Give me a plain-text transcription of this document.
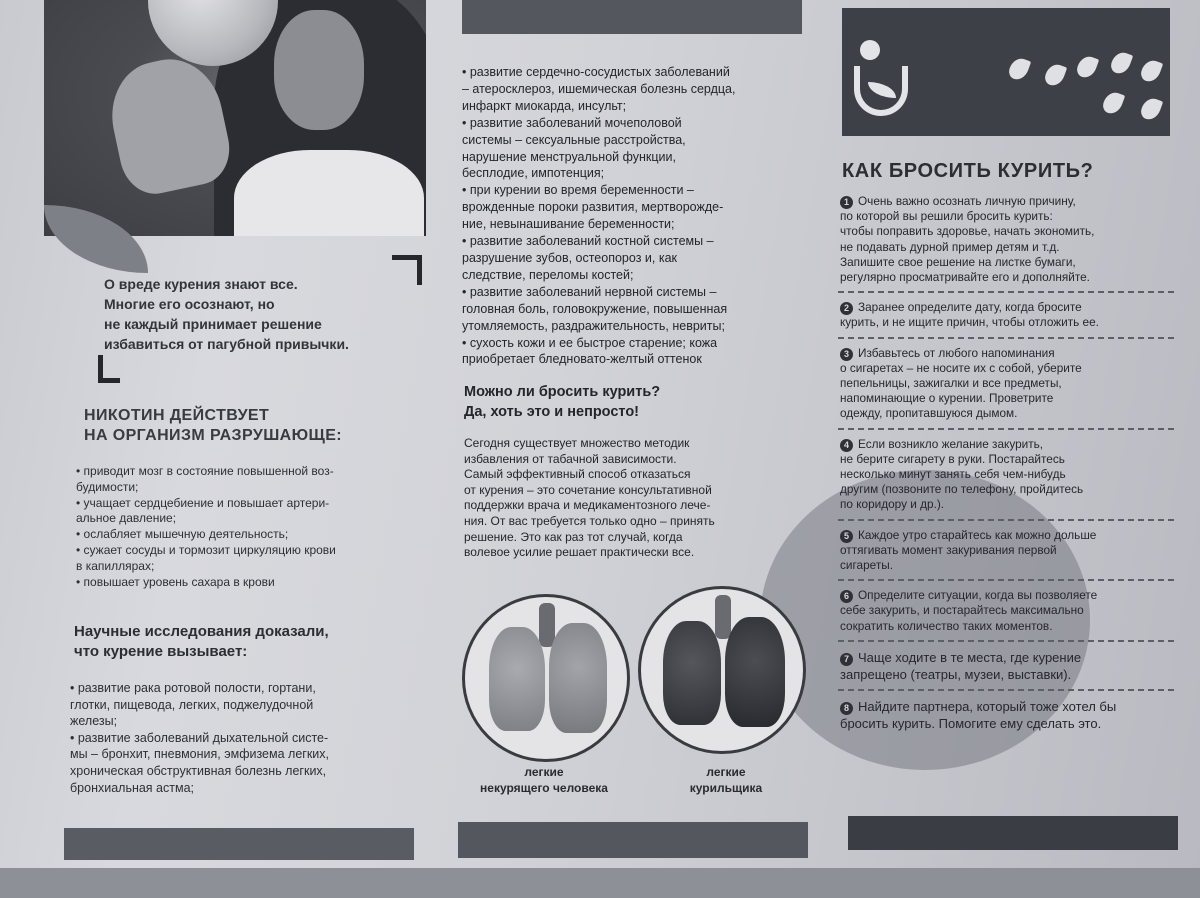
О вреде курения знают все.
Многие его осознают, но
не каждый принимает решение
избавиться от пагубной привычки.
НИКОТИН ДЕЙСТВУЕТ
НА ОРГАНИЗМ РАЗРУШАЮЩЕ:
• приводит мозг в состояние повышенной воз-
будимости;
• учащает сердцебиение и повышает артери-
альное давление;
• ослабляет мышечную деятельность;
• сужает сосуды и тормозит циркуляцию крови
в капиллярах;
• повышает уровень сахара в крови
Научные исследования доказали,
что курение вызывает:
• развитие рака ротовой полости, гортани,
глотки, пищевода, легких, поджелудочной
железы;
• развитие заболеваний дыхательной систе-
мы – бронхит, пневмония, эмфизема легких,
хроническая обструктивная болезнь легких,
бронхиальная астма;
• развитие сердечно-сосудистых заболеваний
– атеросклероз, ишемическая болезнь сердца,
инфаркт миокарда, инсульт;
• развитие заболеваний мочеполовой
системы – сексуальные расстройства,
нарушение менструальной функции,
бесплодие, импотенция;
• при курении во время беременности –
врожденные пороки развития, мертворожде-
ние, невынашивание беременности;
• развитие заболеваний костной системы –
разрушение зубов, остеопороз и, как
следствие, переломы костей;
• развитие заболеваний нервной системы –
головная боль, головокружение, повышенная
утомляемость, раздражительность, невриты;
• сухость кожи и ее быстрое старение; кожа
приобретает бледновато-желтый оттенок
Можно ли бросить курить?
Да, хоть это и непросто!
Сегодня существует множество методик
избавления от табачной зависимости.
Самый эффективный способ отказаться
от курения – это сочетание консультативной
поддержки врача и медикаментозного лече-
ния. От вас требуется только одно – принять
решение. Это как раз тот случай, когда
волевое усилие решает практически все.
легкие
некурящего человека
легкие
курильщика
КАК БРОСИТЬ КУРИТЬ?
1 Очень важно осознать личную причину,
по которой вы решили бросить курить:
чтобы поправить здоровье, начать экономить,
не подавать дурной пример детям и т.д.
Запишите свое решение на листке бумаги,
регулярно просматривайте его и дополняйте.
2 Заранее определите дату, когда бросите
курить, и не ищите причин, чтобы отложить ее.
3 Избавьтесь от любого напоминания
о сигаретах – не носите их с собой, уберите
пепельницы, зажигалки и все предметы,
напоминающие о курении. Проветрите
одежду, пропитавшуюся дымом.
4 Если возникло желание закурить,
не берите сигарету в руки. Постарайтесь
несколько минут занять себя чем-нибудь
другим (позвоните по телефону, пройдитесь
по коридору и др.).
5 Каждое утро старайтесь как можно дольше
оттягивать момент закуривания первой
сигареты.
6 Определите ситуации, когда вы позволяете
себе закурить, и постарайтесь максимально
сократить количество таких моментов.
7 Чаще ходите в те места, где курение
запрещено (театры, музеи, выставки).
8 Найдите партнера, который тоже хотел бы
бросить курить. Помогите ему сделать это.
